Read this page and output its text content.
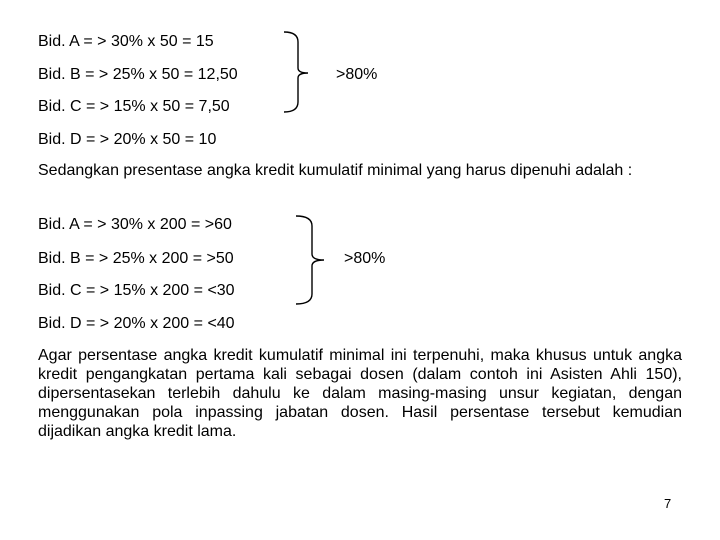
Bid. A = > 30% x 50 = 15
Bid. B = > 25% x 50 = 12,50
Bid. C = > 15% x 50 = 7,50
Bid. D = > 20% x 50 = 10
>80%
Sedangkan presentase angka kredit kumulatif minimal yang harus dipenuhi adalah :
Bid. A = > 30% x 200 = >60
Bid. B = > 25% x 200 = >50
Bid. C = > 15% x 200 = <30
Bid. D = > 20% x 200 = <40
>80%
Agar persentase angka kredit kumulatif minimal ini terpenuhi, maka khusus untuk angka kredit pengangkatan pertama kali sebagai dosen (dalam contoh ini Asisten Ahli 150), dipersentasekan terlebih dahulu ke dalam masing-masing unsur kegiatan, dengan menggunakan pola inpassing jabatan dosen. Hasil persentase tersebut kemudian dijadikan angka kredit lama.
7
